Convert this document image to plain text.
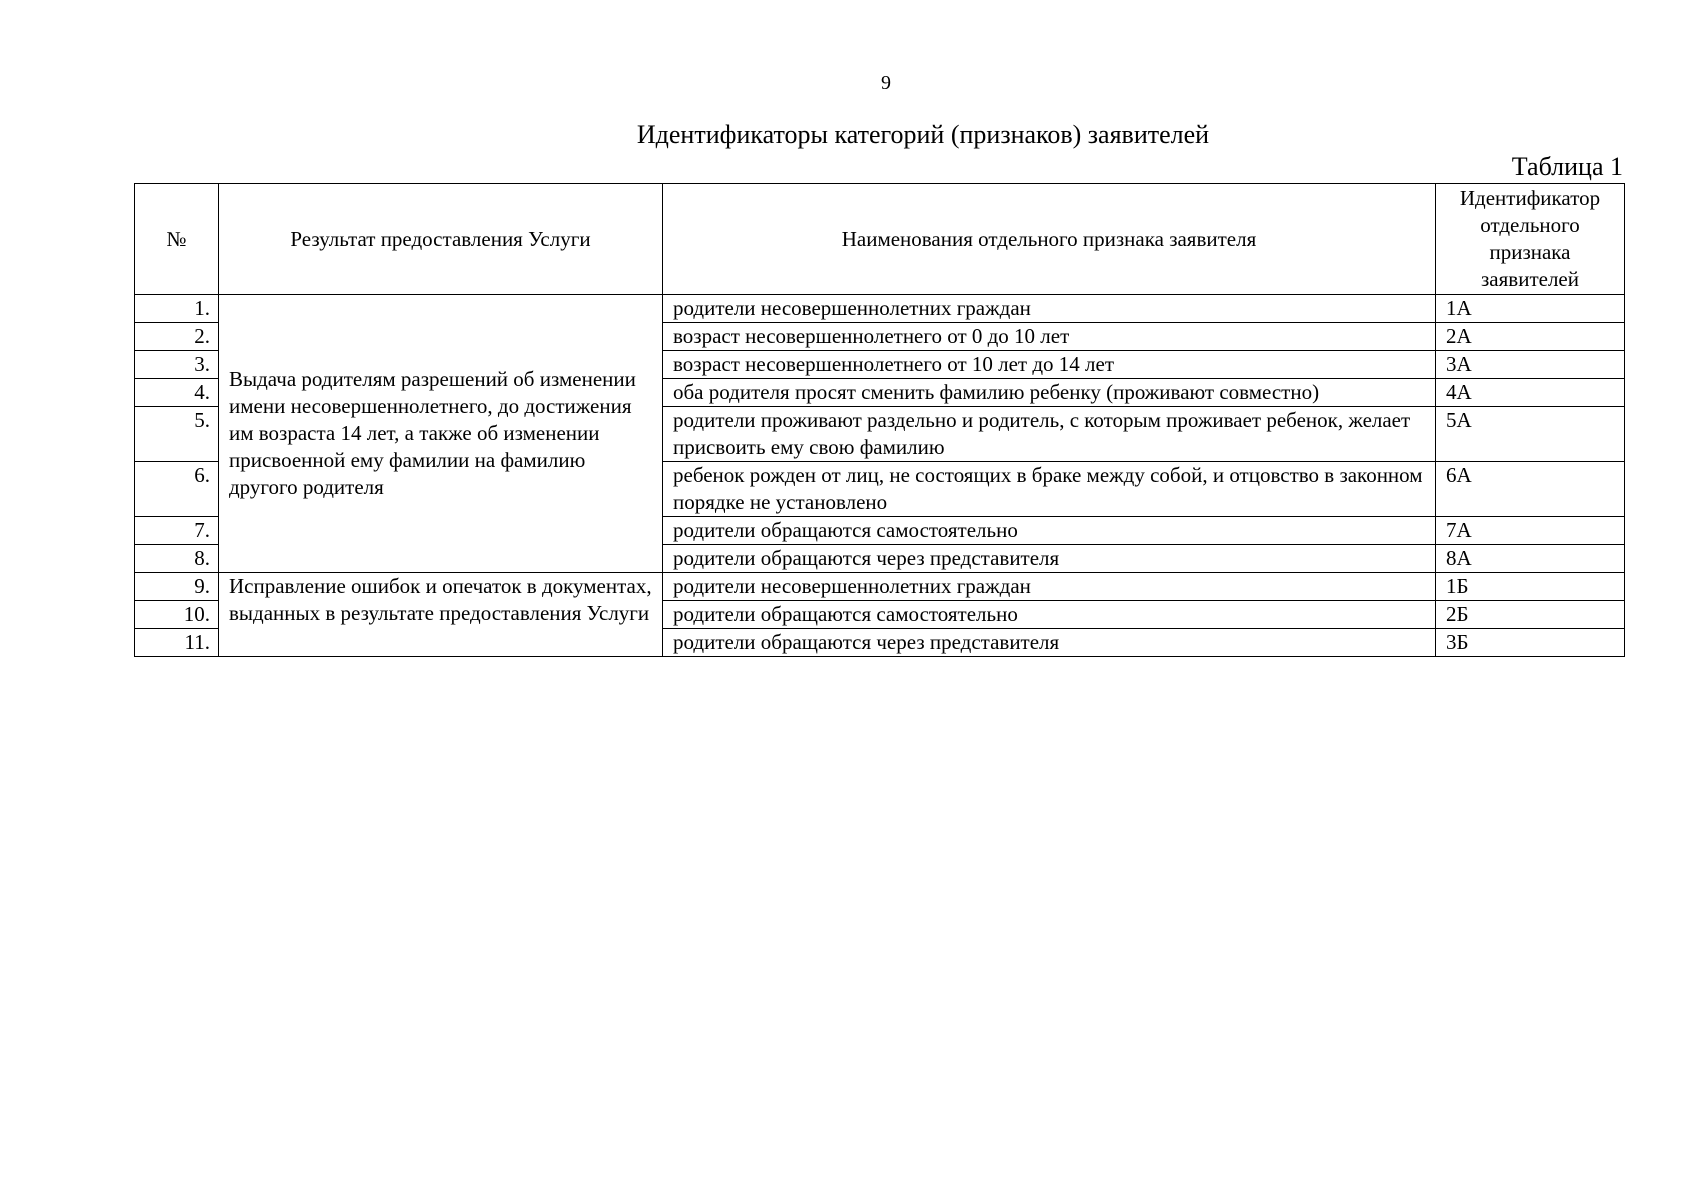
9
Идентификаторы категорий (признаков) заявителей
Таблица 1
№	Результат предоставления Услуги	Наименования отдельного признака заявителя	Идентификатор отдельного признака заявителей
1.	Выдача родителям разрешений об изменении имени несовершеннолетнего, до достижения им возраста 14 лет, а также об изменении присвоенной ему фамилии на фамилию другого родителя	родители несовершеннолетних граждан	1А
2.		возраст несовершеннолетнего от 0 до 10 лет	2А
3.		возраст несовершеннолетнего от 10 лет до 14 лет	3А
4.		оба родителя просят сменить фамилию ребенку (проживают совместно)	4А
5.		родители проживают раздельно и родитель, с которым проживает ребенок, желает присвоить ему свою фамилию	5А
6.		ребенок рожден от лиц, не состоящих в браке между собой, и отцовство в законном порядке не установлено	6А
7.		родители обращаются самостоятельно	7А
8.		родители обращаются через представителя	8А
9.	Исправление ошибок и опечаток в документах, выданных в результате предоставления Услуги	родители несовершеннолетних граждан	1Б
10.		родители обращаются самостоятельно	2Б
11.		родители обращаются через представителя	3Б
